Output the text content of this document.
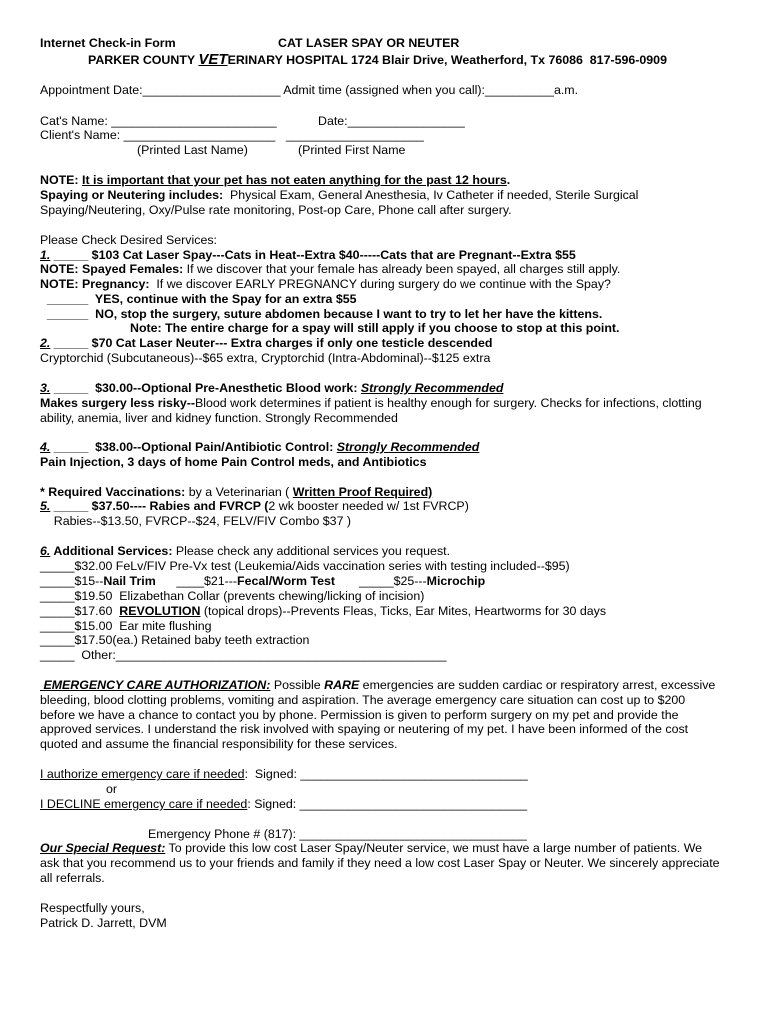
Internet Check-in Form	CAT LASER SPAY OR NEUTER
PARKER COUNTY VETERINARY HOSPITAL 1724 Blair Drive, Weatherford, Tx 76086  817-596-0909
Appointment Date:____________________ Admit time (assigned when you call):__________a.m.
Cat's Name: ________________________	Date:_________________
Client's Name: ______________________ ____________________
(Printed Last Name)	(Printed First Name
NOTE: It is important that your pet has not eaten anything for the past 12 hours.
Spaying or Neutering includes:  Physical Exam, General Anesthesia, Iv Catheter if needed, Sterile Surgical
Spaying/Neutering, Oxy/Pulse rate monitoring, Post-op Care, Phone call after surgery.
Please Check Desired Services:
1. _____ $103 Cat Laser Spay---Cats in Heat--Extra $40-----Cats that are Pregnant--Extra $55
NOTE: Spayed Females: If we discover that your female has already been spayed, all charges still apply.
NOTE: Pregnancy:  If we discover EARLY PREGNANCY during surgery do we continue with the Spay?
______  YES, continue with the Spay for an extra $55
______  NO, stop the surgery, suture abdomen because I want to try to let her have the kittens.
Note: The entire charge for a spay will still apply if you choose to stop at this point.
2. _____ $70 Cat Laser Neuter--- Extra charges if only one testicle descended
Cryptorchid (Subcutaneous)--$65 extra, Cryptorchid (Intra-Abdominal)--$125 extra
3. _____  $30.00--Optional Pre-Anesthetic Blood work: Strongly Recommended
Makes surgery less risky--Blood work determines if patient is healthy enough for surgery. Checks for infections, clotting
ability, anemia, liver and kidney function. Strongly Recommended
4. _____  $38.00--Optional Pain/Antibiotic Control: Strongly Recommended
Pain Injection, 3 days of home Pain Control meds, and Antibiotics
* Required Vaccinations: by a Veterinarian ( Written Proof Required)
5. _____ $37.50---- Rabies and FVRCP (2 wk booster needed w/ 1st FVRCP)
Rabies--$13.50, FVRCP--$24, FELV/FIV Combo $37 )
6. Additional Services: Please check any additional services you request.
_____$32.00 FeLv/FIV Pre-Vx test (Leukemia/Aids vaccination series with testing included--$95)
_____$15--Nail Trim      ____$21---Fecal/Worm Test       _____$25---Microchip
_____$19.50  Elizabethan Collar (prevents chewing/licking of incision)
_____$17.60  REVOLUTION (topical drops)--Prevents Fleas, Ticks, Ear Mites, Heartworms for 30 days
_____$15.00  Ear mite flushing
_____$17.50(ea.) Retained baby teeth extraction
_____  Other:________________________________________________
EMERGENCY CARE AUTHORIZATION: Possible RARE emergencies are sudden cardiac or respiratory arrest, excessive
bleeding, blood clotting problems, vomiting and aspiration. The average emergency care situation can cost up to $200
before we have a chance to contact you by phone. Permission is given to perform surgery on my pet and provide the
approved services. I understand the risk involved with spaying or neutering of my pet. I have been informed of the cost
quoted and assume the financial responsibility for these services.
I authorize emergency care if needed:  Signed: _________________________________
or
I DECLINE emergency care if needed: Signed: _________________________________
Emergency Phone # (817): _________________________________
Our Special Request: To provide this low cost Laser Spay/Neuter service, we must have a large number of patients. We
ask that you recommend us to your friends and family if they need a low cost Laser Spay or Neuter. We sincerely appreciate
all referrals.
Respectfully yours,
Patrick D. Jarrett, DVM
